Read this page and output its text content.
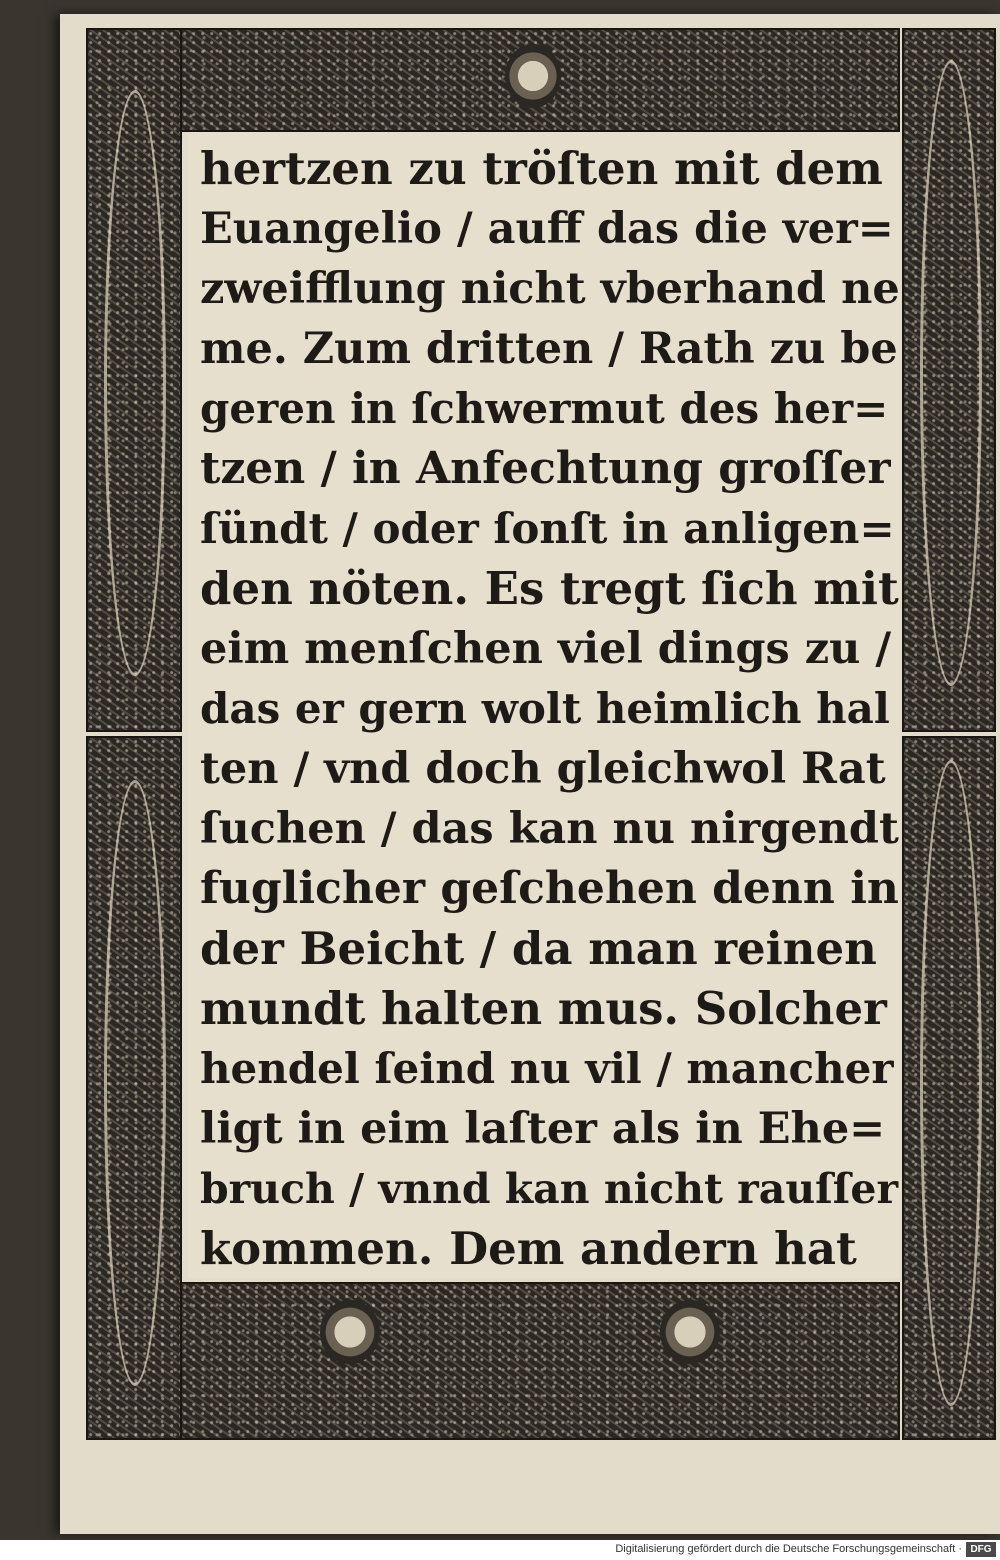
hertzen zu tröſten mit dem
Euangelio / auff das die ver=
zweifflung nicht vberhand ne
me. Zum dritten / Rath zu be
geren in ſchwermut des her=
tzen / in Anfechtung groſſer
ſündt / oder ſonſt in anligen=
den nöten. Es tregt ſich mit
eim menſchen viel dings zu /
das er gern wolt heimlich hal
ten / vnd doch gleichwol Rat
ſuchen / das kan nu nirgendt
fuglicher geſchehen denn in
der Beicht / da man reinen
mundt halten mus. Solcher
hendel ſeind nu vil / mancher
ligt in eim laſter als in Ehe=
bruch / vnnd kan nicht rauſſer
kommen. Dem andern hat
Digitalisierung gefördert durch die Deutsche Forschungsgemeinschaft · DFG
